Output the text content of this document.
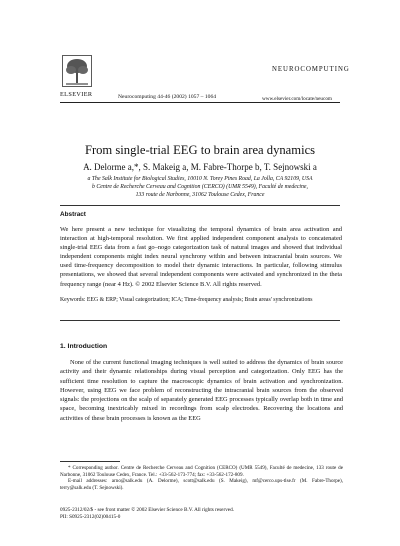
ELSEVIER	Neurocomputing 44-46 (2002) 1057 – 1064
NEUROCOMPUTING
www.elsevier.com/locate/neucom
From single-trial EEG to brain area dynamics
A. Delorme a,*, S. Makeig a, M. Fabre-Thorpe b, T. Sejnowski a
a The Salk Institute for Biological Studies, 10010 N. Torey Pines Road, La Jolla, CA 92109, USA
b Centre de Recherche Cerveau and Cognition (CERCO) (UMR 5549), Faculté de medecine,
133 route de Narbonne, 31062 Toulouse Cedex, France
Abstract
We here present a new technique for visualizing the temporal dynamics of brain area activation and interaction at high-temporal resolution. We first applied independent component analysis to concatenated single-trial EEG data from a fast go–nogo categorization task of natural images and showed that individual independent components might index neural synchrony within and between intracranial brain sources. We used time-frequency decomposition to model their dynamic interactions. In particular, following stimulus presentations, we showed that several independent components were activated and synchronized in the theta frequency range (near 4 Hz). © 2002 Elsevier Science B.V. All rights reserved.
Keywords: EEG & ERP; Visual categorization; ICA; Time-frequency analysis; Brain areas' synchronizations
1. Introduction
None of the current functional imaging techniques is well suited to address the dynamics of brain source activity and their dynamic relationships during visual perception and categorization. Only EEG has the sufficient time resolution to capture the macroscopic dynamics of brain activation and synchronization. However, using EEG we face problem of reconstructing the intracranial brain sources from the observed signals: the projections on the scalp of separately generated EEG processes typically overlap both in time and space, becoming inextricably mixed in recordings from scalp electrodes. Recovering the locations and activities of these brain processes is known as the EEG

* Corresponding author. Centre de Recherche Cerveau and Cognition (CERCO) (UMR 5549), Faculté de medecine, 133 route de Narbonne, 31062 Toulouse Cedex, France. Tel.: +33-562-173-774; fax: +33-562-172-809.

E-mail addresses: arno@salk.edu (A. Delorme), scott@salk.edu (S. Makeig), mf@cerco.ups-tlse.fr (M. Fabre-Thorpe), terry@salk.edu (T. Sejnowski).

0925-2312/02/$ - see front matter © 2002 Elsevier Science B.V. All rights reserved.
PII: S0925-2312(02)00415-0
